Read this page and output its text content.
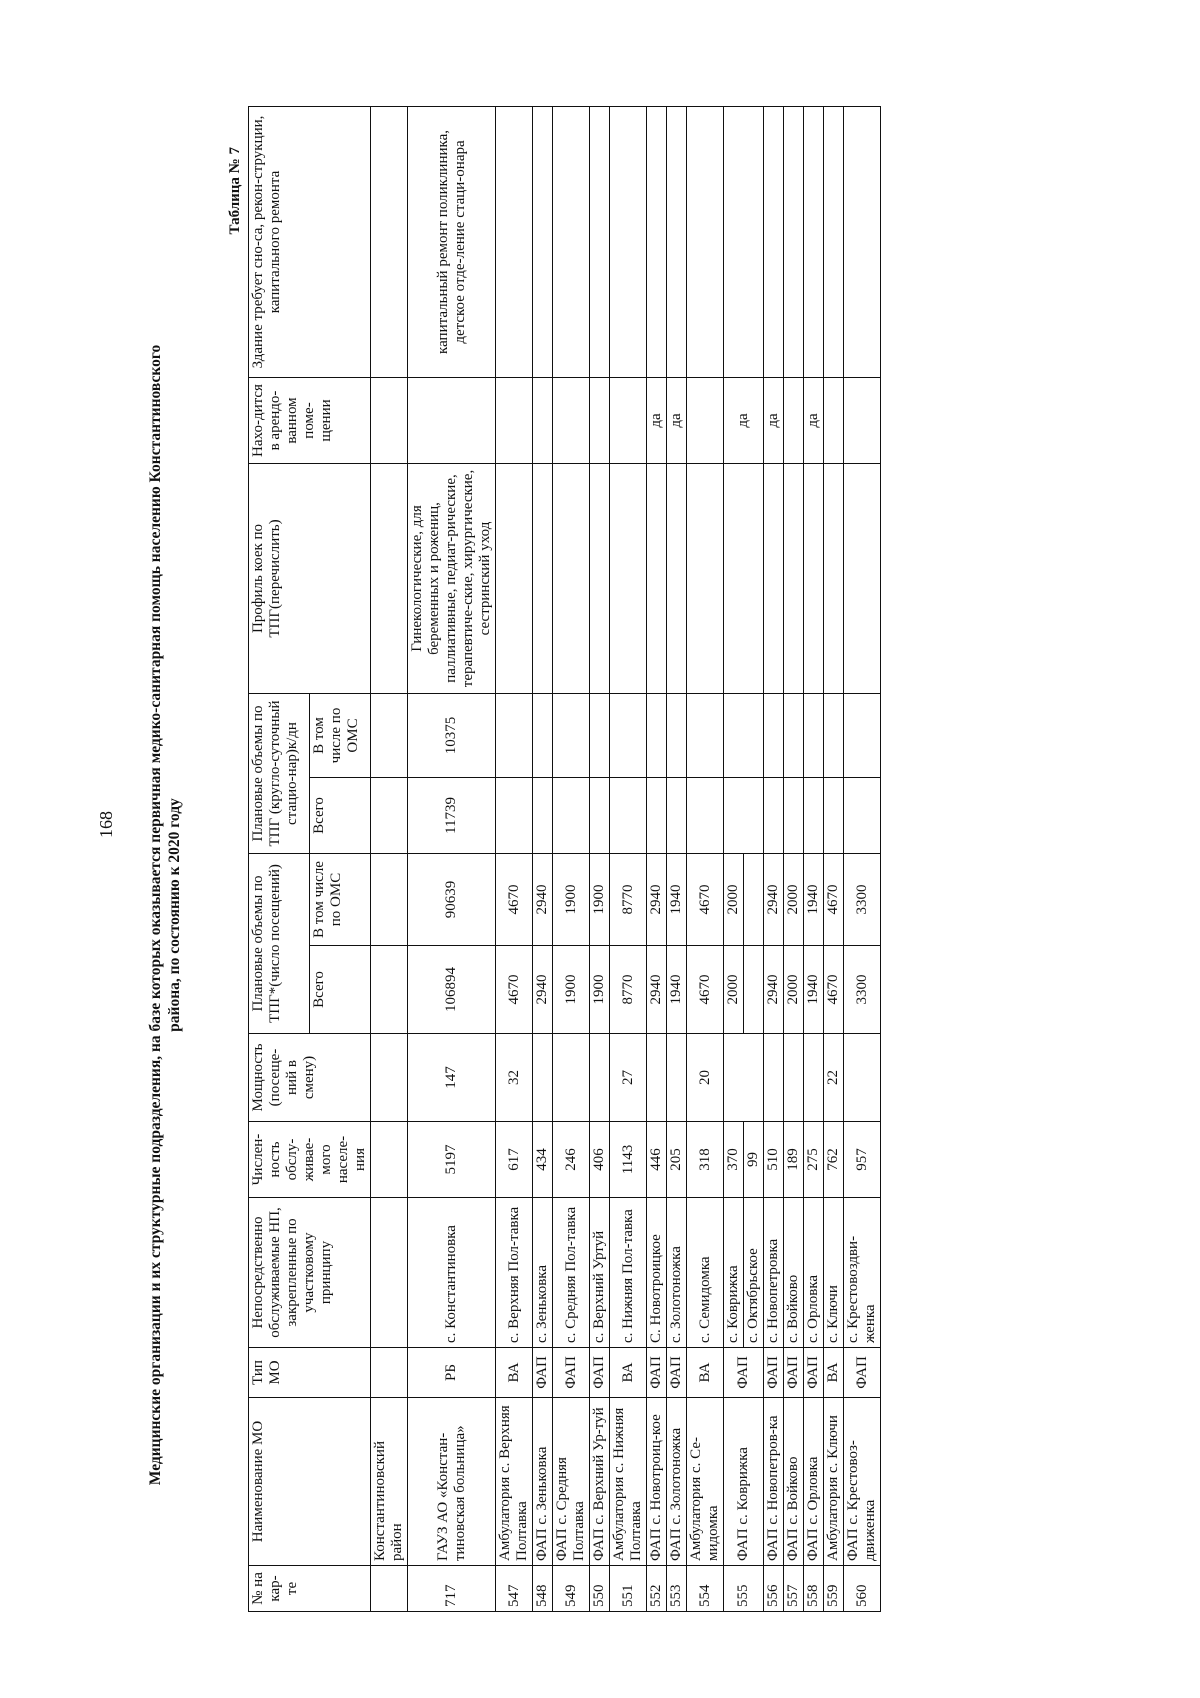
168 Медицинские организации и их структурные подразделения, на базе которых оказывается первичная медико-санитарная помощь населению Константиновского района, по состоянию к 2020 году
Таблица № 7
№ на кар-те	Наименование МО	Тип МО	Непосредственно обслуживаемые НП, закрепленные по участковому принципу	Числен-ность обслу-живае-мого населе-ния	Мощность (посеще-ний в смену)	Плановые объемы по ТПГ*(число посещений)		Плановые объемы по ТПГ (кругло-суточный стацио-нар)к/дн		Профиль коек по ТПГ(перечислить)	Нахо-дится в арендо-ванном поме-щении	Здание требует сно-са, рекон-струкции, капитального ремонта
						Всего	В том числе по ОМС	Всего	В том числе по ОМС			
	Константиновский район											
717	ГАУЗ АО «Констан-тиновская больница»	РБ	с. Константиновка	5197	147	106894	90639	11739	10375	Гинекологические, для беременных и рожениц, паллиативные, педиат-рические, терапевтиче-ские, хирургические, сестринский уход		капитальный ремонт поликлиника, детское отде-ление стаци-онара
547	Амбулатория с. Верхняя Полтавка	ВА	с. Верхняя Пол-тавка	617	32	4670	4670					
548	ФАП с. Зеньковка	ФАП	с. Зеньковка	434		2940	2940					
549	ФАП с. Средняя Полтавка	ФАП	с. Средняя Пол-тавка	246		1900	1900					
550	ФАП с. Верхний Ур-туй	ФАП	с. Верхний Уртуй	406		1900	1900					
551	Амбулатория с. Нижняя Полтавка	ВА	с. Нижняя Пол-тавка	1143	27	8770	8770					
552	ФАП с. Новотроиц-кое	ФАП	С. Новотроицкое	446		2940	2940				да	
553	ФАП с. Золотоножка	ФАП	с. Золотоножка	205		1940	1940				да	
554	Амбулатория с. Се-мидомка	ВА	с. Семидомка	318	20	4670	4670					
555	ФАП с. Коврижка	ФАП	с. Коврижка	370		2000	2000				да	
			с. Октябрьское	99								
556	ФАП с. Новопетров-ка	ФАП	с. Новопетровка	510		2940	2940				да	
557	ФАП с. Войково	ФАП	с. Войково	189		2000	2000					
558	ФАП с. Орловка	ФАП	с. Орловка	275		1940	1940				да	
559	Амбулатория с. Ключи	ВА	с. Ключи	762	22	4670	4670					
560	ФАП с. Крестовоз-движенка	ФАП	с. Крестовоздви-женка	957		3300	3300					
